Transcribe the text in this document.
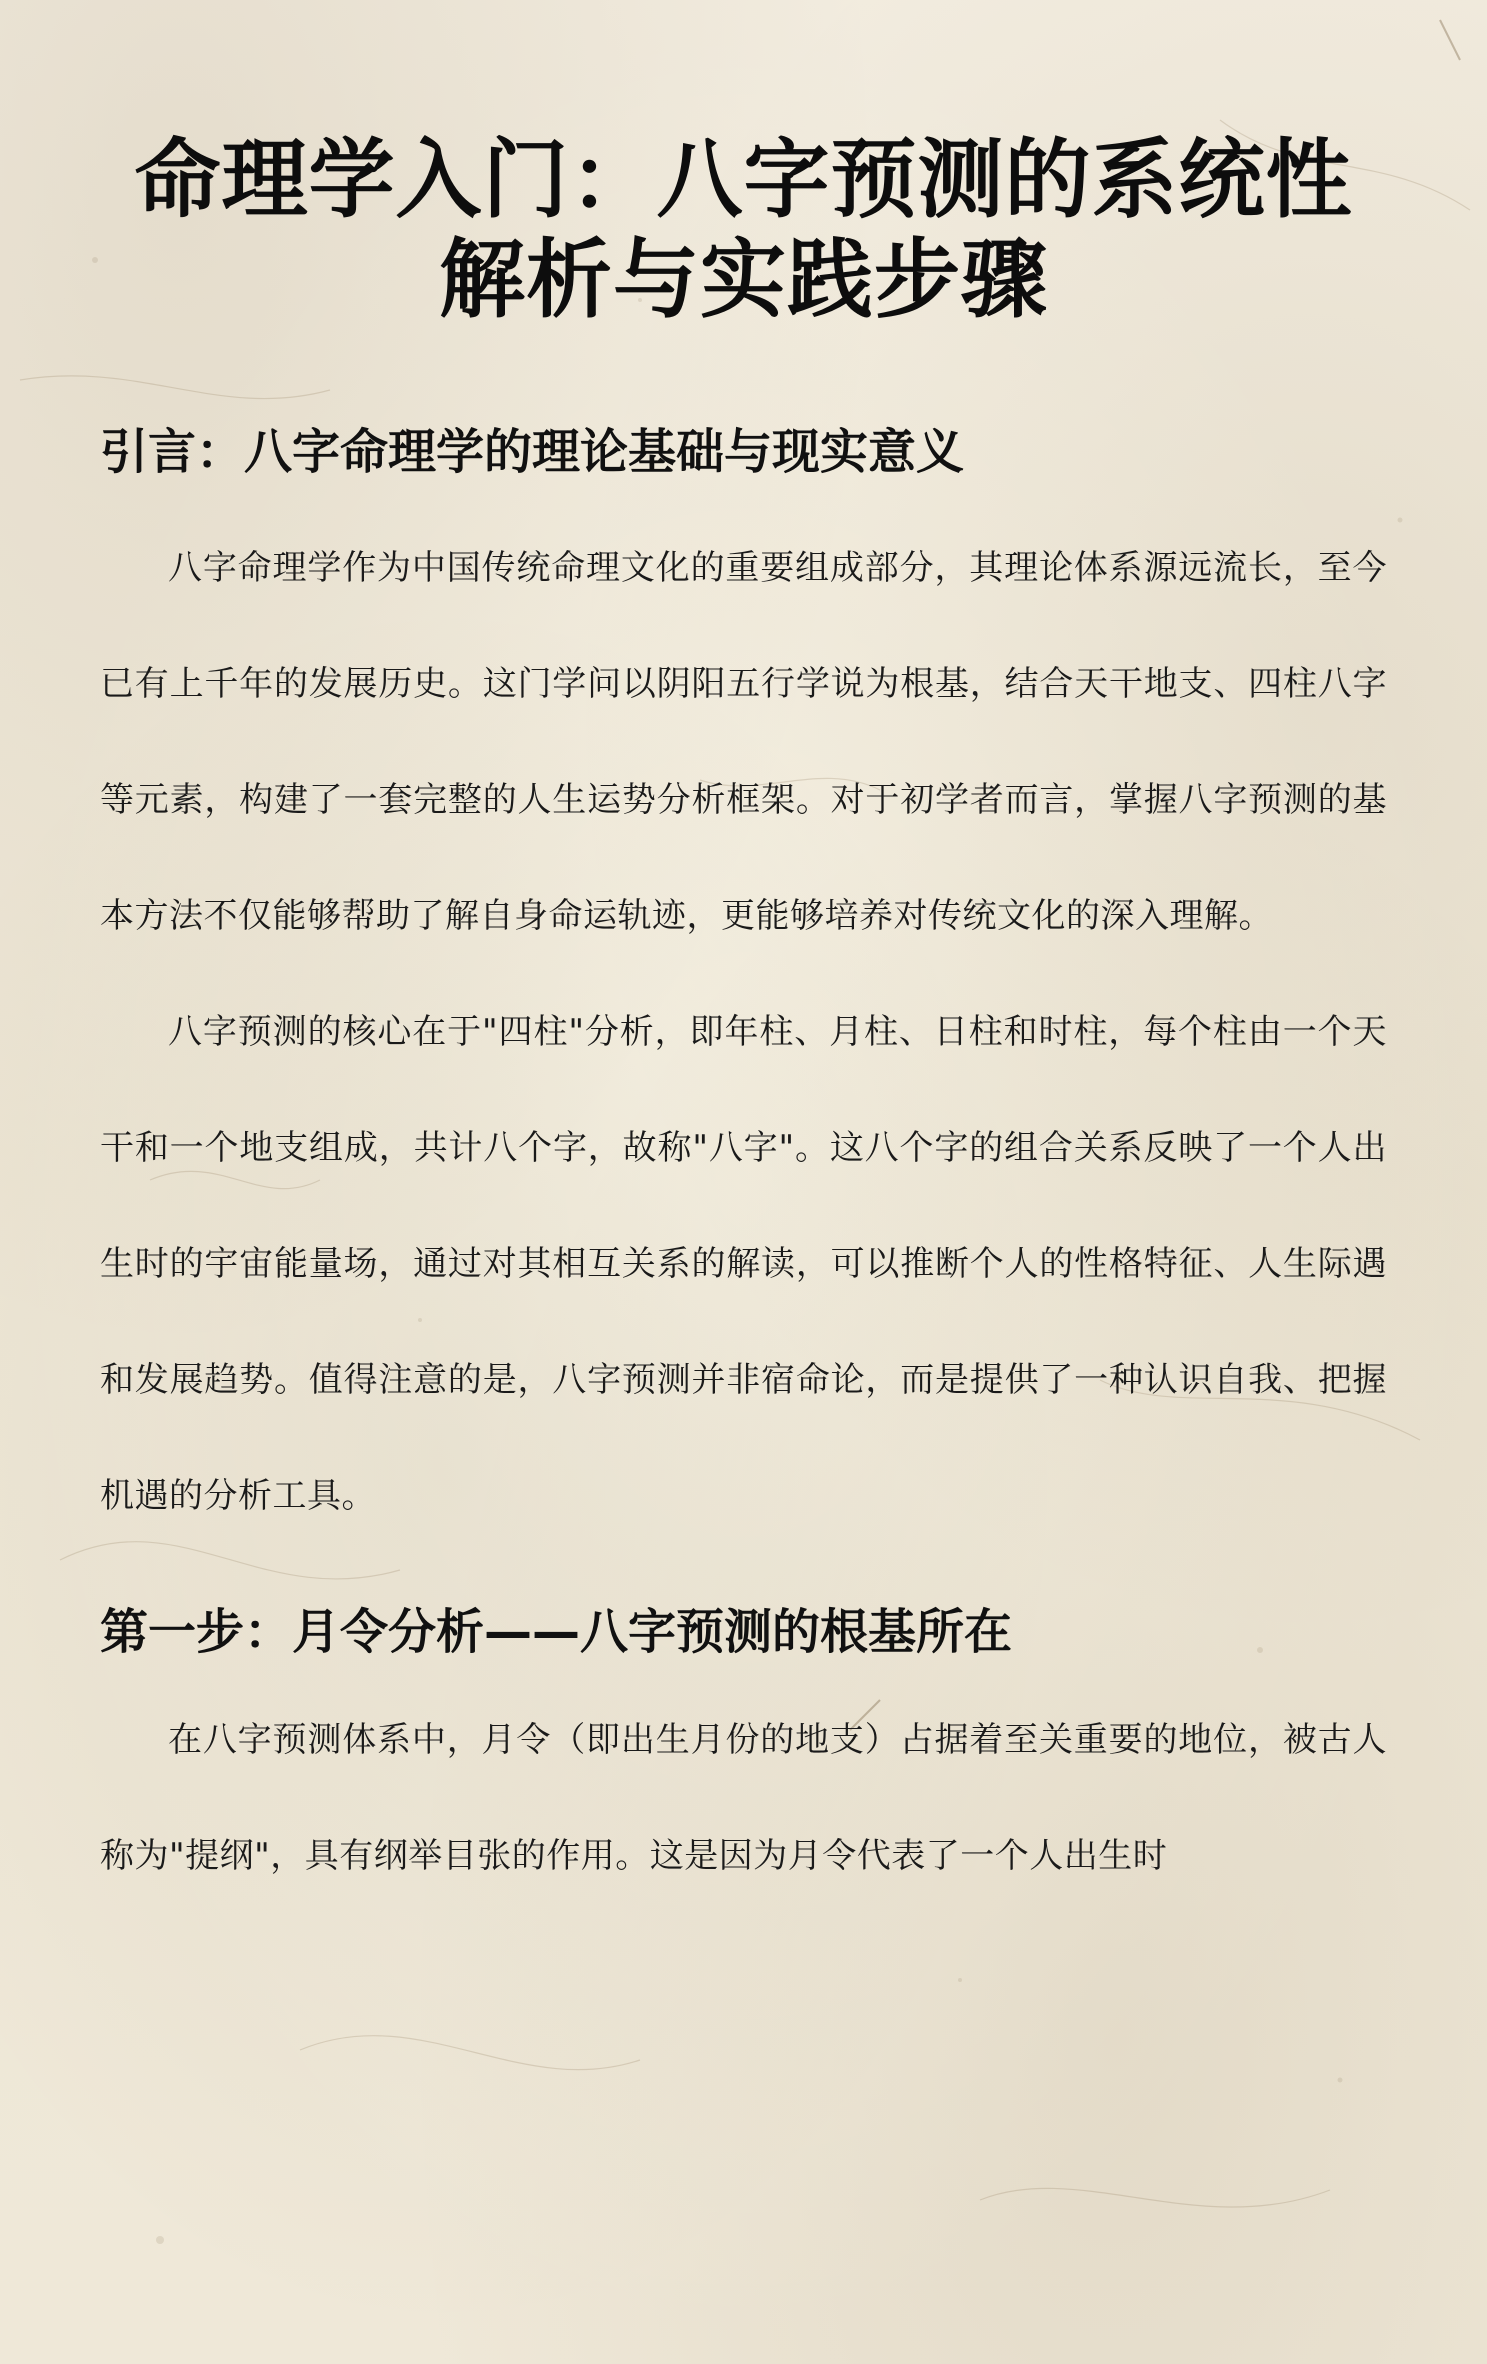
命理学入门：八字预测的系统性解析与实践步骤
引言：八字命理学的理论基础与现实意义

八字命理学作为中国传统命理文化的重要组成部分，其理论体系源远流长，至今已有上千年的发展历史。这门学问以阴阳五行学说为根基，结合天干地支、四柱八字等元素，构建了一套完整的人生运势分析框架。对于初学者而言，掌握八字预测的基本方法不仅能够帮助了解自身命运轨迹，更能够培养对传统文化的深入理解。

八字预测的核心在于"四柱"分析，即年柱、月柱、日柱和时柱，每个柱由一个天干和一个地支组成，共计八个字，故称"八字"。这八个字的组合关系反映了一个人出生时的宇宙能量场，通过对其相互关系的解读，可以推断个人的性格特征、人生际遇和发展趋势。值得注意的是，八字预测并非宿命论，而是提供了一种认识自我、把握机遇的分析工具。

第一步：月令分析——八字预测的根基所在

在八字预测体系中，月令（即出生月份的地支）占据着至关重要的地位，被古人称为"提纲"，具有纲举目张的作用。这是因为月令代表了一个人出生时
